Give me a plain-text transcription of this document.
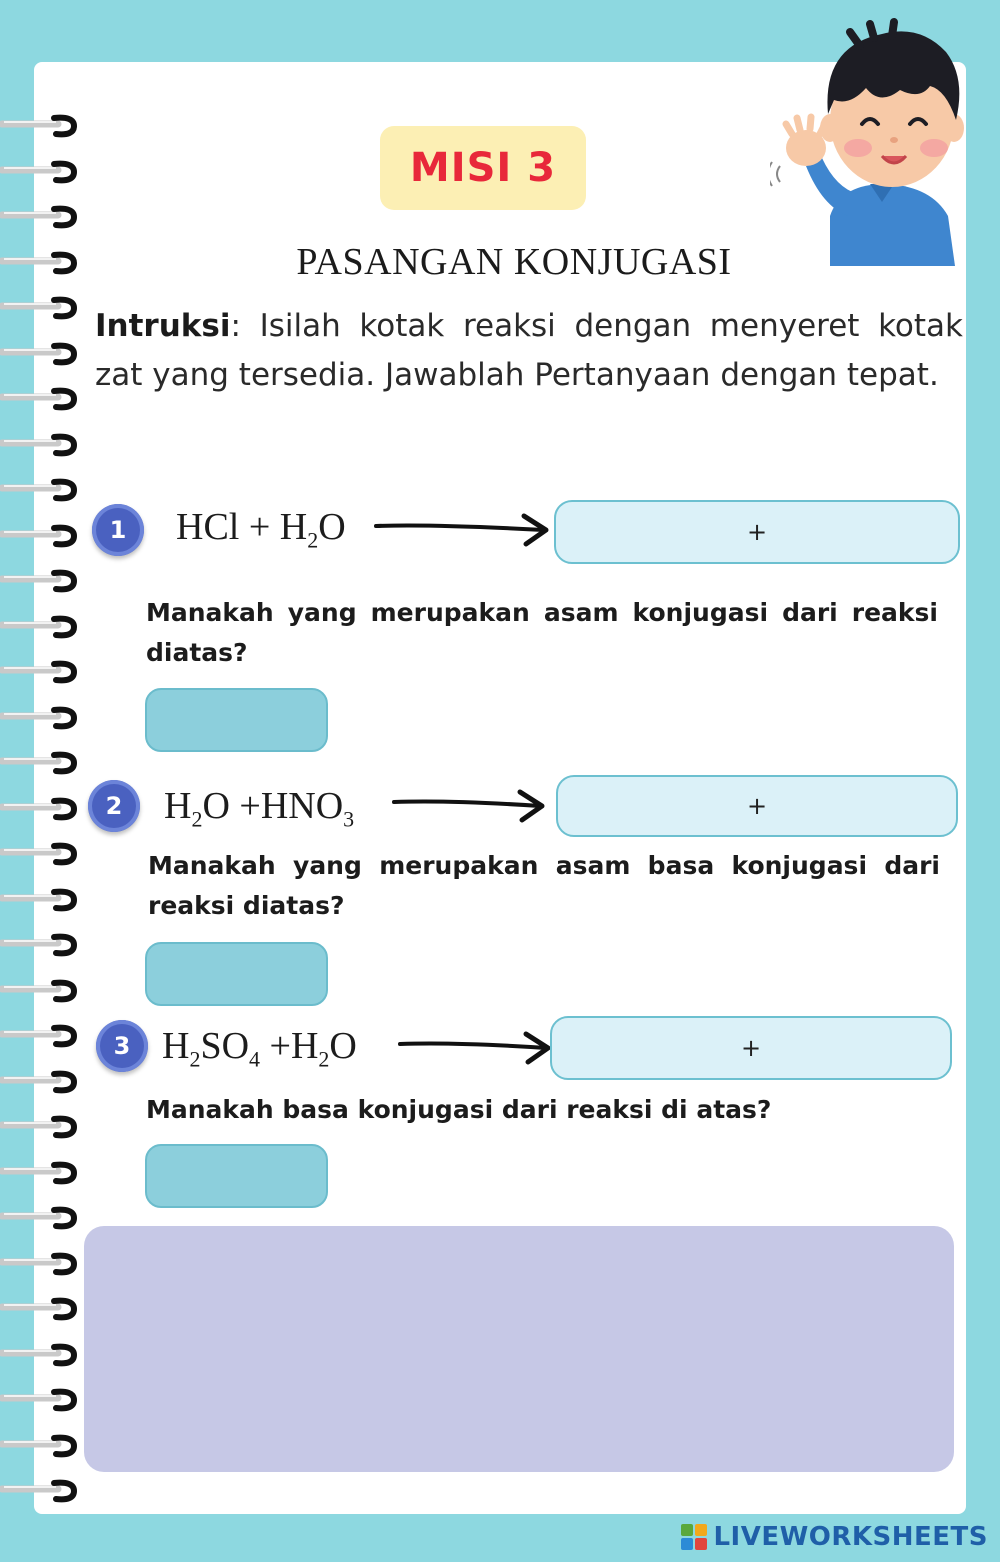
MISI 3
PASANGAN KONJUGASI
Intruksi: Isilah kotak reaksi dengan menyeret kotak zat yang tersedia. Jawablah Pertanyaan dengan tepat.
1	HCl + $H_2O$	+
Manakah yang merupakan asam konjugasi dari reaksi diatas?
2	$H_2O +HNO_3$	+
Manakah yang merupakan asam basa konjugasi dari reaksi diatas?
3 $H_2SO_4 +H_2O$	+
Manakah basa konjugasi dari reaksi di atas?
LIVEWORKSHEETS
